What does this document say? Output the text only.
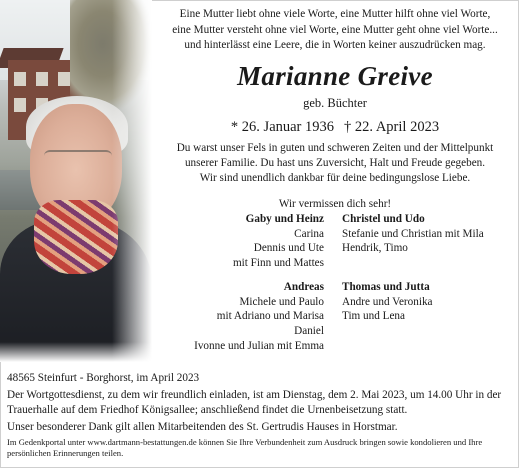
Eine Mutter liebt ohne viele Worte, eine Mutter hilft ohne viel Worte,
eine Mutter versteht ohne viel Worte, eine Mutter geht ohne viel Worte...
und hinterlässt eine Leere, die in Worten keiner auszudrücken mag.
Marianne Greive
geb. Büchter
* 26. Januar 1936 † 22. April 2023
Du warst unser Fels in guten und schweren Zeiten und der Mittelpunkt
unserer Familie. Du hast uns Zuversicht, Halt und Freude gegeben.
Wir sind unendlich dankbar für deine bedingungslose Liebe.
Wir vermissen dich sehr!
Gaby und Heinz
Carina
Dennis und Ute
mit Finn und Mattes
Christel und Udo
Stefanie und Christian mit Mila
Hendrik, Timo
Andreas
Michele und Paulo
mit Adriano und Marisa
Daniel
Ivonne und Julian mit Emma
Thomas und Jutta
Andre und Veronika
Tim und Lena
48565 Steinfurt - Borghorst, im April 2023
Der Wortgottesdienst, zu dem wir freundlich einladen, ist am Dienstag, dem 2. Mai 2023, um 14.00 Uhr in der Trauerhalle auf dem Friedhof Königsallee; anschließend findet die Urnenbeisetzung statt.
Unser besonderer Dank gilt allen Mitarbeitenden des St. Gertrudis Hauses in Horstmar.
Im Gedenkportal unter www.dartmann-bestattungen.de können Sie Ihre Verbundenheit zum Ausdruck bringen sowie kondolieren und Ihre persönlichen Erinnerungen teilen.
